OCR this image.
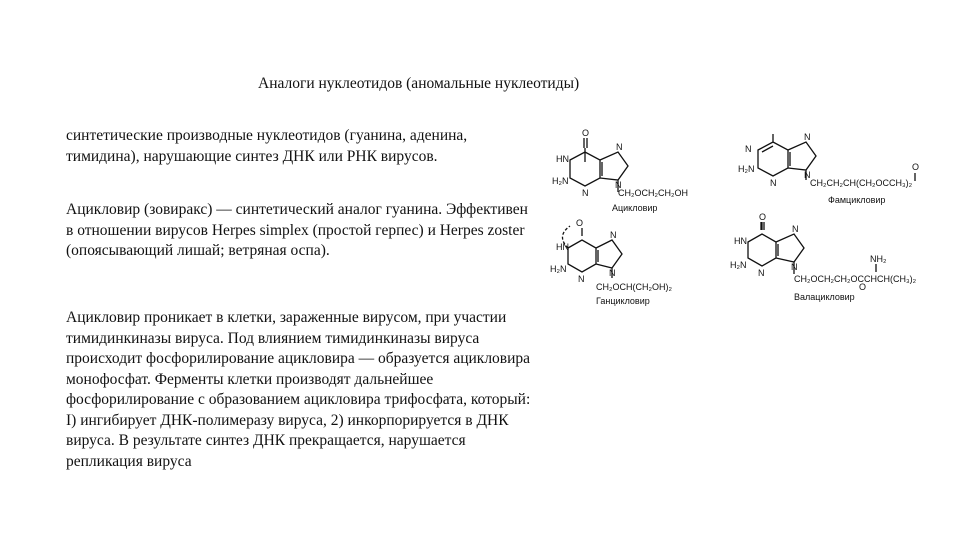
Аналоги нуклеотидов (аномальные нуклеотиды)

синтетические производные нуклеотидов (гуанина, аденина, тимидина), нарушающие синтез ДНК или РНК вирусов.

Ацикловир (зовиракс) — синтетический аналог гуанина. Эффективен в отношении вирусов Herpes simplex (простой герпес) и Herpes zoster (опоясывающий лишай; ветряная оспа).

Ацикловир проникает в клетки, зараженные вирусом, при участии тимидинкиназы вируса. Под влиянием тимидинкиназы вируса происходит фосфорилирование ацикловира — образуется ацикловира монофосфат. Ферменты клетки производят дальнейшее фосфорилирование с образованием ацикловира трифосфата, который: I) ингибирует ДНК-полимеразу вируса, 2) инкорпорируется в ДНК вируса. В результате синтез ДНК прекращается, нарушается репликация вируса

O
HN
N
N
N
H₂N
CH₂OCH₂CH₂OH
Ацикловир
N
N
N
N
H₂N	O
CH₂CH₂CH(CH₂OCCH₃)₂
Фамцикловир
O
HN
N
N
N
H₂N
CH₂OCH(CH₂OH)₂
Ганцикловир
O
HN
N
N
N
H₂N
NH₂
O
CH₂OCH₂CH₂OCCHCH(CH₃)₂
Валацикловир
